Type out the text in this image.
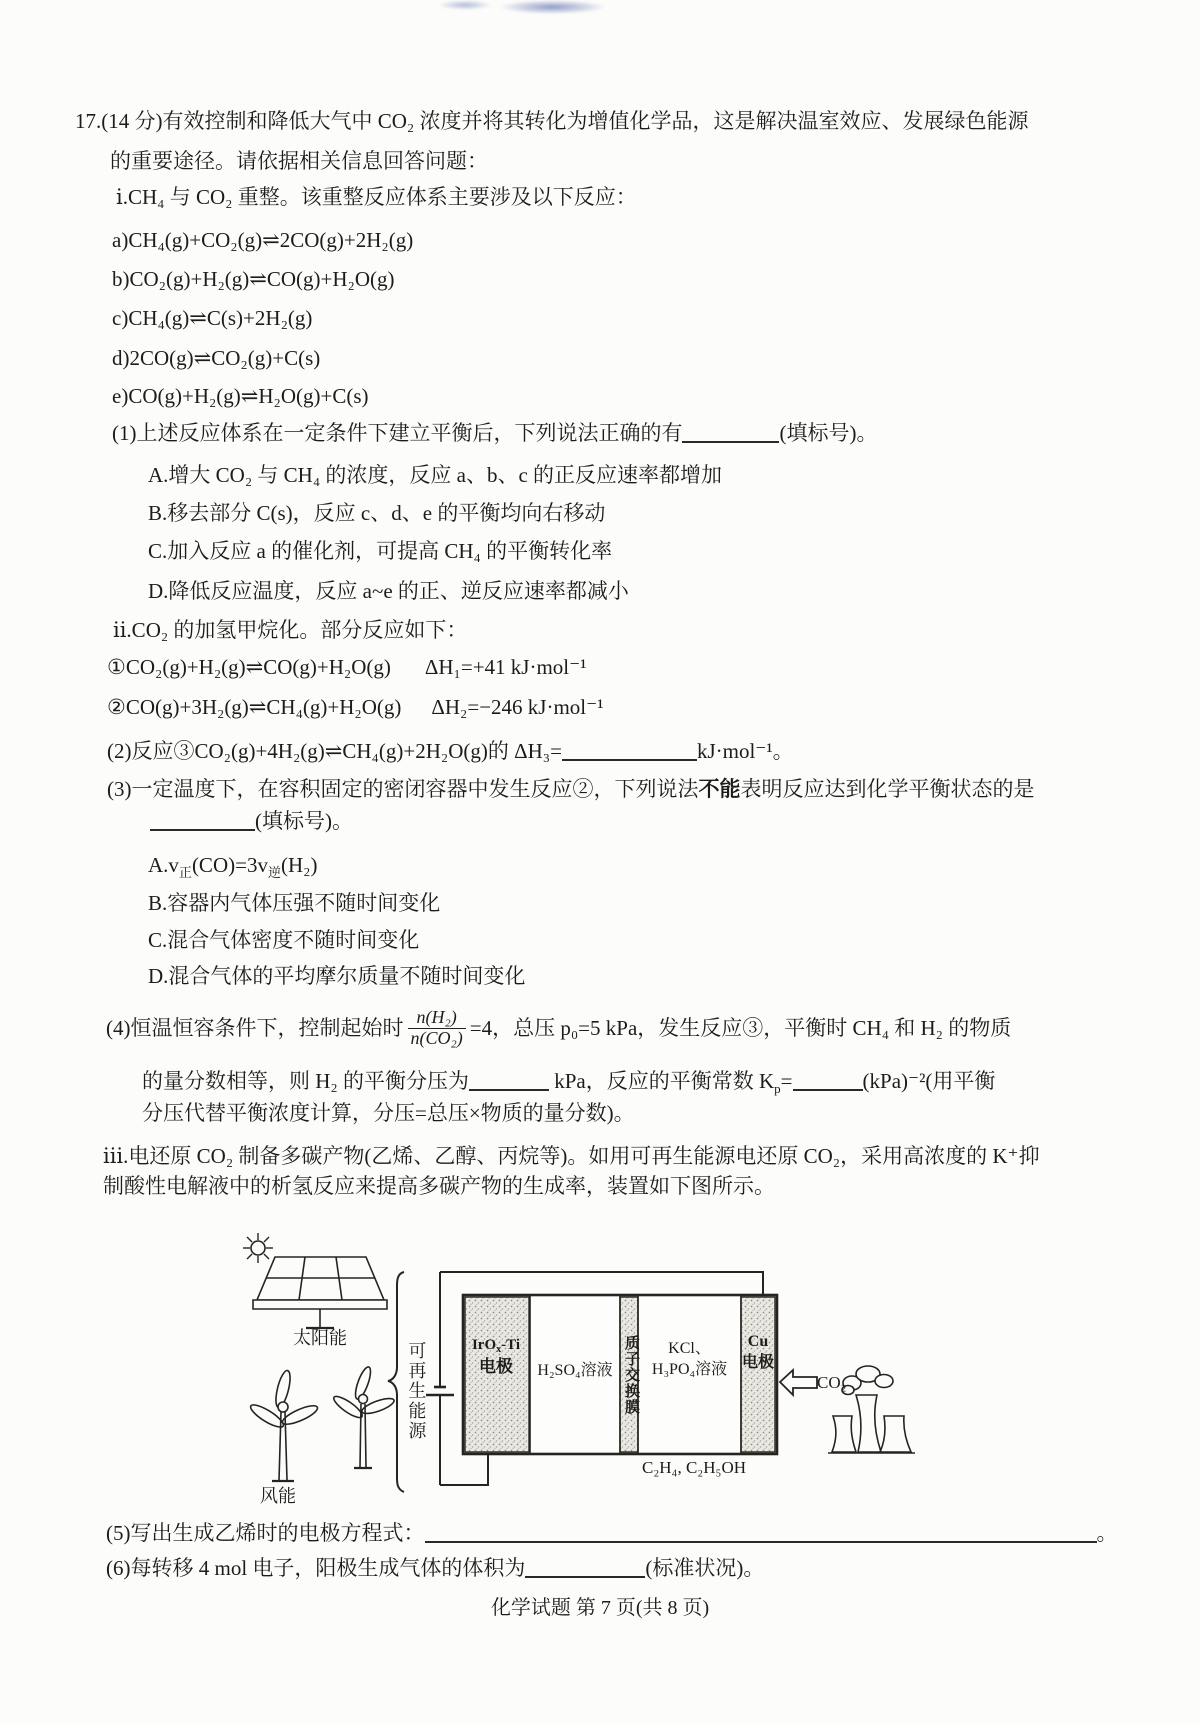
17.(14 分)有效控制和降低大气中 CO₂ 浓度并将其转化为增值化学品，这是解决温室效应、发展绿色能源
的重要途径。请依据相关信息回答问题：
ⅰ.CH₄ 与 CO₂ 重整。该重整反应体系主要涉及以下反应：
a)CH₄(g)+CO₂(g)⇌2CO(g)+2H₂(g)
b)CO₂(g)+H₂(g)⇌CO(g)+H₂O(g)
c)CH₄(g)⇌C(s)+2H₂(g)
d)2CO(g)⇌CO₂(g)+C(s)
e)CO(g)+H₂(g)⇌H₂O(g)+C(s)
(1)上述反应体系在一定条件下建立平衡后，下列说法正确的有	(填标号)。
A.增大 CO₂ 与 CH₄ 的浓度，反应 a、b、c 的正反应速率都增加
B.移去部分 C(s)，反应 c、d、e 的平衡均向右移动
C.加入反应 a 的催化剂，可提高 CH₄ 的平衡转化率
D.降低反应温度，反应 a~e 的正、逆反应速率都减小
ⅱ.CO₂ 的加氢甲烷化。部分反应如下：
①CO₂(g)+H₂(g)⇌CO(g)+H₂O(g) ΔH₁=+41 kJ·mol⁻¹
②CO(g)+3H₂(g)⇌CH₄(g)+H₂O(g) ΔH₂=−246 kJ·mol⁻¹
(2)反应③CO₂(g)+4H₂(g)⇌CH₄(g)+2H₂O(g)的 ΔH₃=	kJ·mol⁻¹。
(3)一定温度下，在容积固定的密闭容器中发生反应②，下列说法不能表明反应达到化学平衡状态的是
(填标号)。
$A.v_正(CO)=3v_逆(H_2)$
B.容器内气体压强不随时间变化
C.混合气体密度不随时间变化
D.混合气体的平均摩尔质量不随时间变化
(4)恒温恒容条件下，控制起始时 $\frac{\text{n(H₂)}}{\text{n(CO₂)}} =4$，总压 p₀=5 kPa，发生反应③，平衡时 CH₄ 和 H₂ 的物质
的量分数相等，则 H₂ 的平衡分压为	kPa，反应的平衡常数 $K_p=$	(kPa)⁻²(用平衡
分压代替平衡浓度计算，分压=总压×物质的量分数)。
ⅲ.电还原 CO₂ 制备多碳产物(乙烯、乙醇、丙烷等)。如用可再生能源电还原 CO₂，采用高浓度的 K⁺抑
制酸性电解液中的析氢反应来提高多碳产物的生成率，装置如下图所示。
太阳能
风能
可再生能源	IrO$_x$-Ti
电极	H₂SO₄溶液 质子交换膜	KCl、
H₃PO₄溶液
Cu
电极
CO₂
C₂H₄, C₂H₅OH
(5)写出生成乙烯时的电极方程式：	。
(6)每转移 4 mol 电子，阳极生成气体的体积为	(标准状况)。
化学试题 第 7 页(共 8 页)
